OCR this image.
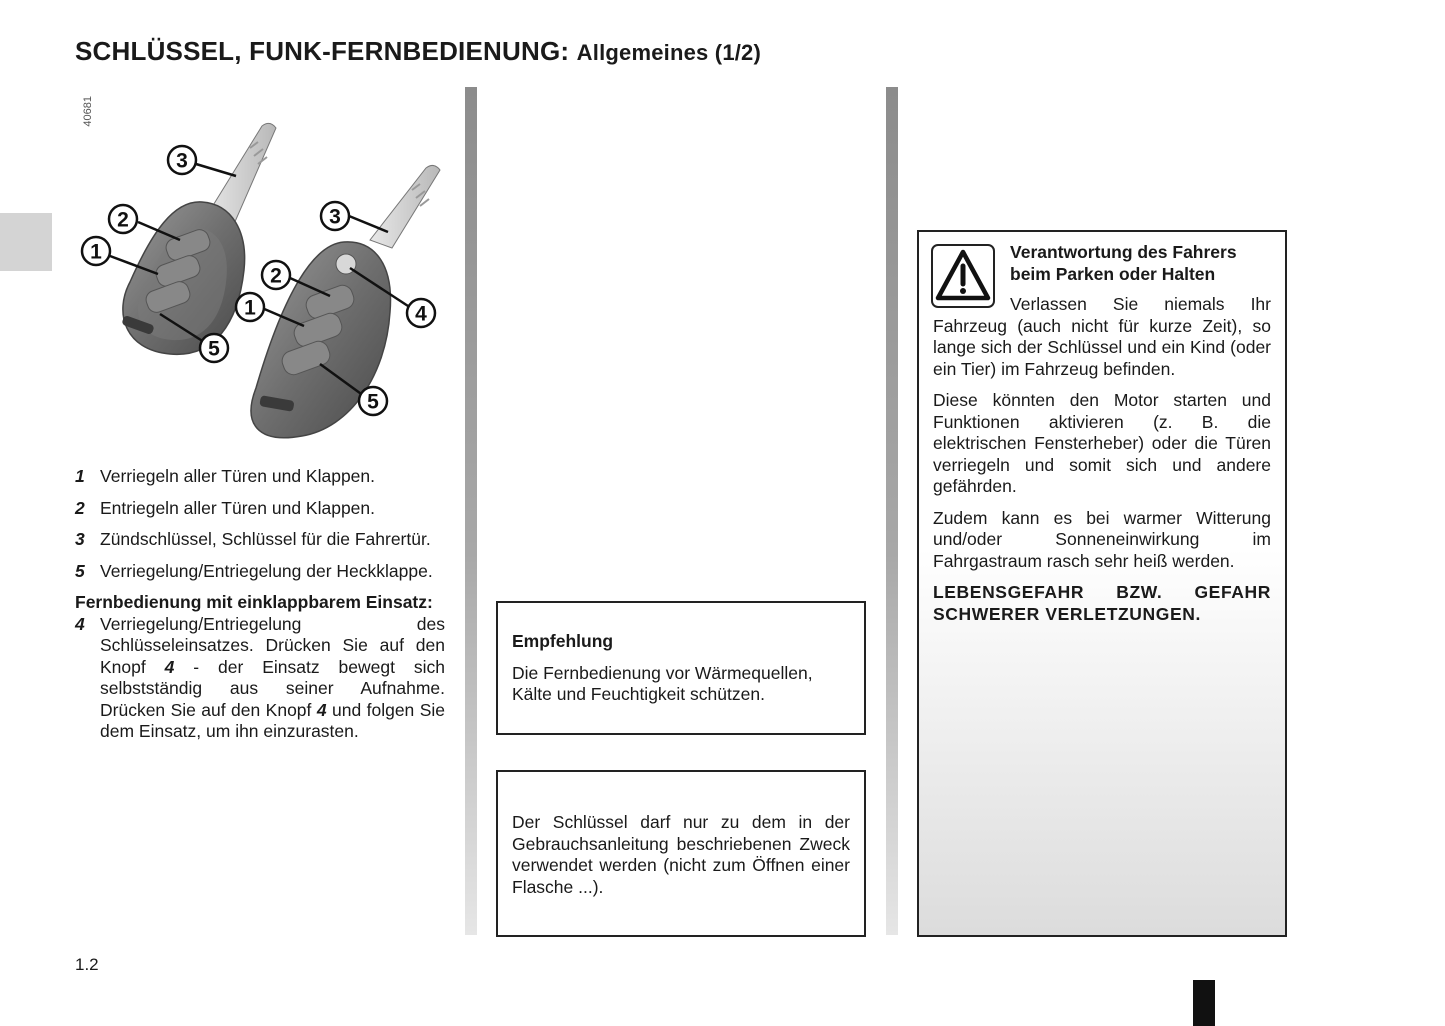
SCHLÜSSEL, FUNK-FERNBEDIENUNG: Allgemeines (1/2)
40681
3
2
1
5
3
2
1	4
5
1 Verriegeln aller Türen und Klappen.
2 Entriegeln aller Türen und Klappen.
3 Zündschlüssel, Schlüssel für die Fahrertür.
5 Verriegelung/Entriegelung der Heckklappe.
Fernbedienung mit einklappbarem Einsatz:
4 Verriegelung/Entriegelung des Schlüsseleinsatzes. Drücken Sie auf den Knopf 4 - der Einsatz bewegt sich selbstständig aus seiner Aufnahme. Drücken Sie auf den Knopf 4 und folgen Sie dem Einsatz, um ihn einzurasten.
Empfehlung
Die Fernbedienung vor Wärmequellen, Kälte und Feuchtigkeit schützen.
Der Schlüssel darf nur zu dem in der Gebrauchsanleitung beschriebenen Zweck verwendet werden (nicht zum Öffnen einer Flasche ...).
Verantwortung des Fahrers beim Parken oder Halten

Verlassen Sie niemals Ihr Fahrzeug (auch nicht für kurze Zeit), so lange sich der Schlüssel und ein Kind (oder ein Tier) im Fahrzeug befinden.

Diese könnten den Motor starten und Funktionen aktivieren (z. B. die elektrischen Fensterheber) oder die Türen verriegeln und somit sich und andere gefährden.

Zudem kann es bei warmer Witterung und/oder Sonneneinwirkung im Fahrgastraum rasch sehr heiß werden.

LEBENSGEFAHR BZW. GEFAHR SCHWERER VERLETZUNGEN.

1.2
